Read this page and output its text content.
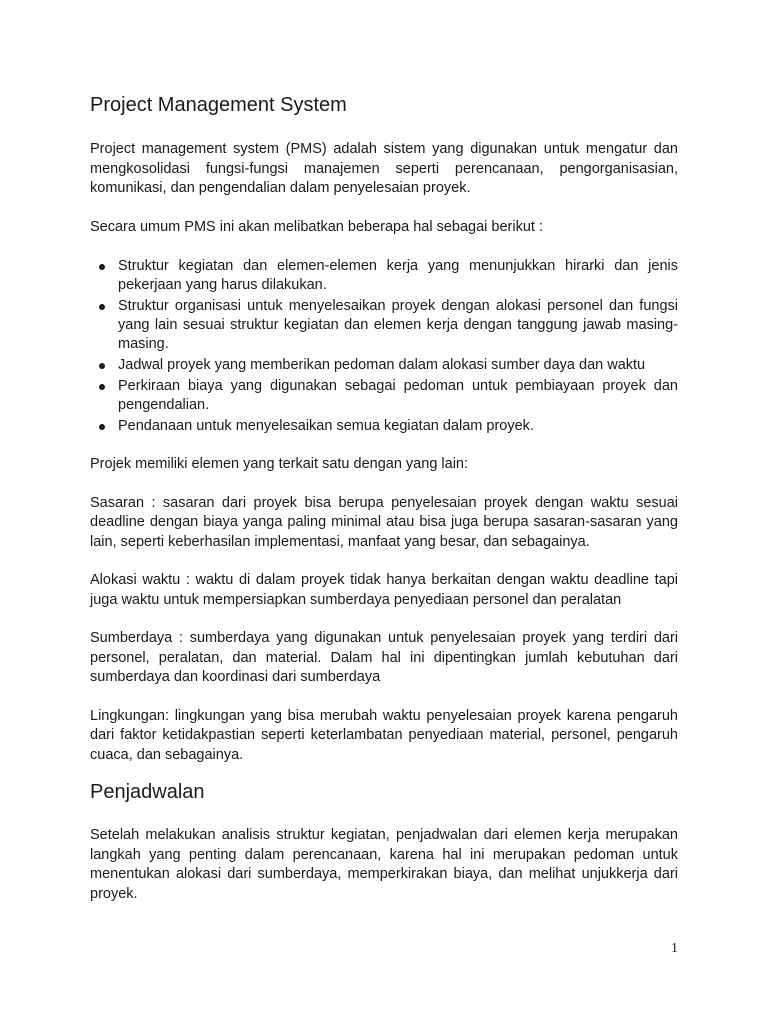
Project Management System

Project management system (PMS) adalah sistem yang digunakan untuk mengatur dan mengkosolidasi fungsi-fungsi manajemen seperti perencanaan, pengorganisasian, komunikasi, dan pengendalian dalam penyelesaian proyek.

Secara umum PMS ini akan melibatkan beberapa hal sebagai berikut :

Struktur kegiatan dan elemen-elemen kerja yang menunjukkan hirarki dan jenis pekerjaan yang harus dilakukan.
Struktur organisasi untuk menyelesaikan proyek dengan alokasi personel dan fungsi yang lain sesuai struktur kegiatan dan elemen kerja dengan tanggung jawab masing-masing.
Jadwal proyek yang memberikan pedoman dalam alokasi sumber daya dan waktu
Perkiraan biaya yang digunakan sebagai pedoman untuk pembiayaan proyek dan pengendalian.
Pendanaan untuk menyelesaikan semua kegiatan dalam proyek.

Projek memiliki elemen yang terkait satu dengan yang lain:

Sasaran : sasaran dari proyek bisa berupa penyelesaian proyek dengan waktu sesuai deadline dengan biaya yanga paling minimal atau bisa juga berupa sasaran-sasaran yang lain, seperti keberhasilan implementasi, manfaat yang besar, dan sebagainya.

Alokasi waktu : waktu di dalam proyek tidak hanya berkaitan dengan waktu deadline tapi juga waktu untuk mempersiapkan sumberdaya penyediaan personel dan peralatan

Sumberdaya : sumberdaya yang digunakan untuk penyelesaian proyek yang terdiri dari personel, peralatan, dan material. Dalam hal ini dipentingkan jumlah kebutuhan dari sumberdaya dan koordinasi dari sumberdaya

Lingkungan: lingkungan yang bisa merubah waktu penyelesaian proyek karena pengaruh dari faktor ketidakpastian seperti keterlambatan penyediaan material, personel, pengaruh cuaca, dan sebagainya.

Penjadwalan

Setelah melakukan analisis struktur kegiatan, penjadwalan dari elemen kerja merupakan langkah yang penting dalam perencanaan, karena hal ini merupakan pedoman untuk menentukan alokasi dari sumberdaya, memperkirakan biaya, dan melihat unjukkerja dari proyek.

1
